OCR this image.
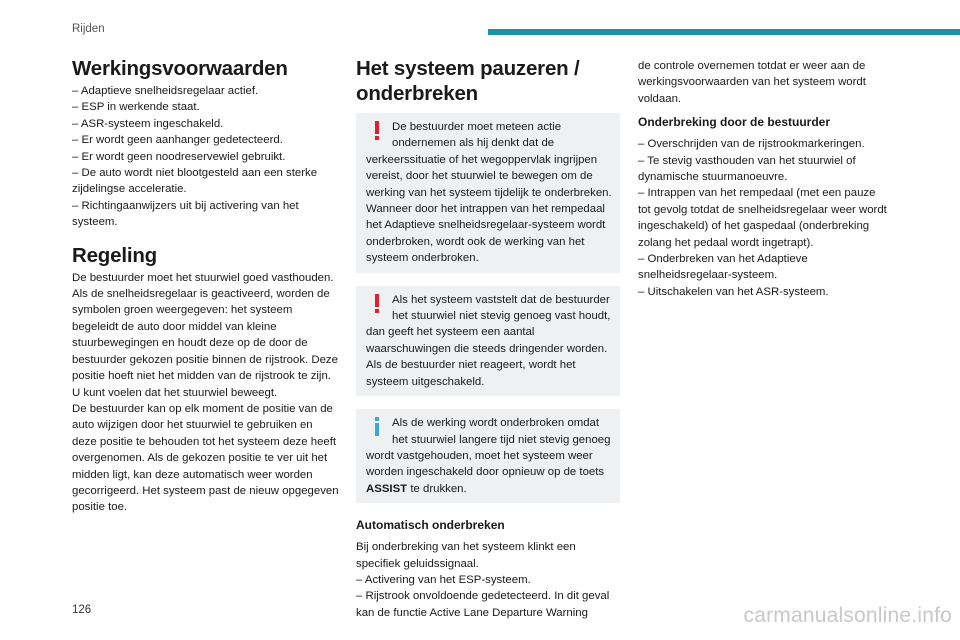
Rijden
Werkingsvoorwaarden
– Adaptieve snelheidsregelaar actief.
– ESP in werkende staat.
– ASR-systeem ingeschakeld.
– Er wordt geen aanhanger gedetecteerd.
– Er wordt geen noodreservewiel gebruikt.
– De auto wordt niet blootgesteld aan een sterke zijdelingse acceleratie.
– Richtingaanwijzers uit bij activering van het systeem.
Regeling

De bestuurder moet het stuurwiel goed vasthouden.

Als de snelheidsregelaar is geactiveerd, worden de symbolen groen weergegeven: het systeem begeleidt de auto door middel van kleine stuurbewegingen en houdt deze op de door de bestuurder gekozen positie binnen de rijstrook. Deze positie hoeft niet het midden van de rijstrook te zijn.

U kunt voelen dat het stuurwiel beweegt.

De bestuurder kan op elk moment de positie van de auto wijzigen door het stuurwiel te gebruiken en deze positie te behouden tot het systeem deze heeft overgenomen. Als de gekozen positie te ver uit het midden ligt, kan deze automatisch weer worden gecorrigeerd. Het systeem past de nieuw opgegeven positie toe.

Het systeem pauzeren / onderbreken

De bestuurder moet meteen actie ondernemen als hij denkt dat de verkeerssituatie of het wegoppervlak ingrijpen vereist, door het stuurwiel te bewegen om de werking van het systeem tijdelijk te onderbreken. Wanneer door het intrappen van het rempedaal het Adaptieve snelheidsregelaar-systeem wordt onderbroken, wordt ook de werking van het systeem onderbroken.

Als het systeem vaststelt dat de bestuurder het stuurwiel niet stevig genoeg vast houdt, dan geeft het systeem een aantal waarschuwingen die steeds dringender worden. Als de bestuurder niet reageert, wordt het systeem uitgeschakeld.

Als de werking wordt onderbroken omdat het stuurwiel langere tijd niet stevig genoeg wordt vastgehouden, moet het systeem weer worden ingeschakeld door opnieuw op de toets ASSIST te drukken.

Automatisch onderbreken

Bij onderbreking van het systeem klinkt een specifiek geluidssignaal.

– Activering van het ESP-systeem.

– Rijstrook onvoldoende gedetecteerd. In dit geval kan de functie Active Lane Departure Warning

de controle overnemen totdat er weer aan de werkingsvoorwaarden van het systeem wordt voldaan.
Onderbreking door de bestuurder
– Overschrijden van de rijstrookmarkeringen.
– Te stevig vasthouden van het stuurwiel of dynamische stuurmanoeuvre.
– Intrappen van het rempedaal (met een pauze tot gevolg totdat de snelheidsregelaar weer wordt ingeschakeld) of het gaspedaal (onderbreking zolang het pedaal wordt ingetrapt).
– Onderbreken van het Adaptieve snelheidsregelaar-systeem.
– Uitschakelen van het ASR-systeem.
126	carmanualsonline.info
